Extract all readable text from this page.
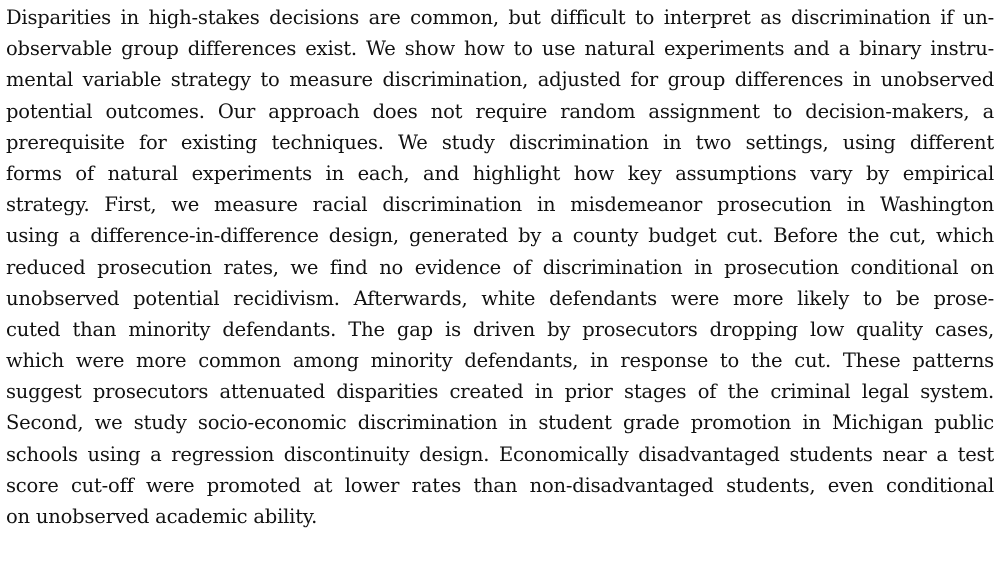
Disparities in high-stakes decisions are common, but difficult to interpret as discrimination if un-
observable group differences exist. We show how to use natural experiments and a binary instru-
mental variable strategy to measure discrimination, adjusted for group differences in unobserved
potential outcomes. Our approach does not require random assignment to decision-makers, a
prerequisite for existing techniques. We study discrimination in two settings, using different
forms of natural experiments in each, and highlight how key assumptions vary by empirical
strategy. First, we measure racial discrimination in misdemeanor prosecution in Washington
using a difference-in-difference design, generated by a county budget cut. Before the cut, which
reduced prosecution rates, we find no evidence of discrimination in prosecution conditional on
unobserved potential recidivism. Afterwards, white defendants were more likely to be prose-
cuted than minority defendants. The gap is driven by prosecutors dropping low quality cases,
which were more common among minority defendants, in response to the cut. These patterns
suggest prosecutors attenuated disparities created in prior stages of the criminal legal system.
Second, we study socio-economic discrimination in student grade promotion in Michigan public
schools using a regression discontinuity design. Economically disadvantaged students near a test
score cut-off were promoted at lower rates than non-disadvantaged students, even conditional
on unobserved academic ability.
